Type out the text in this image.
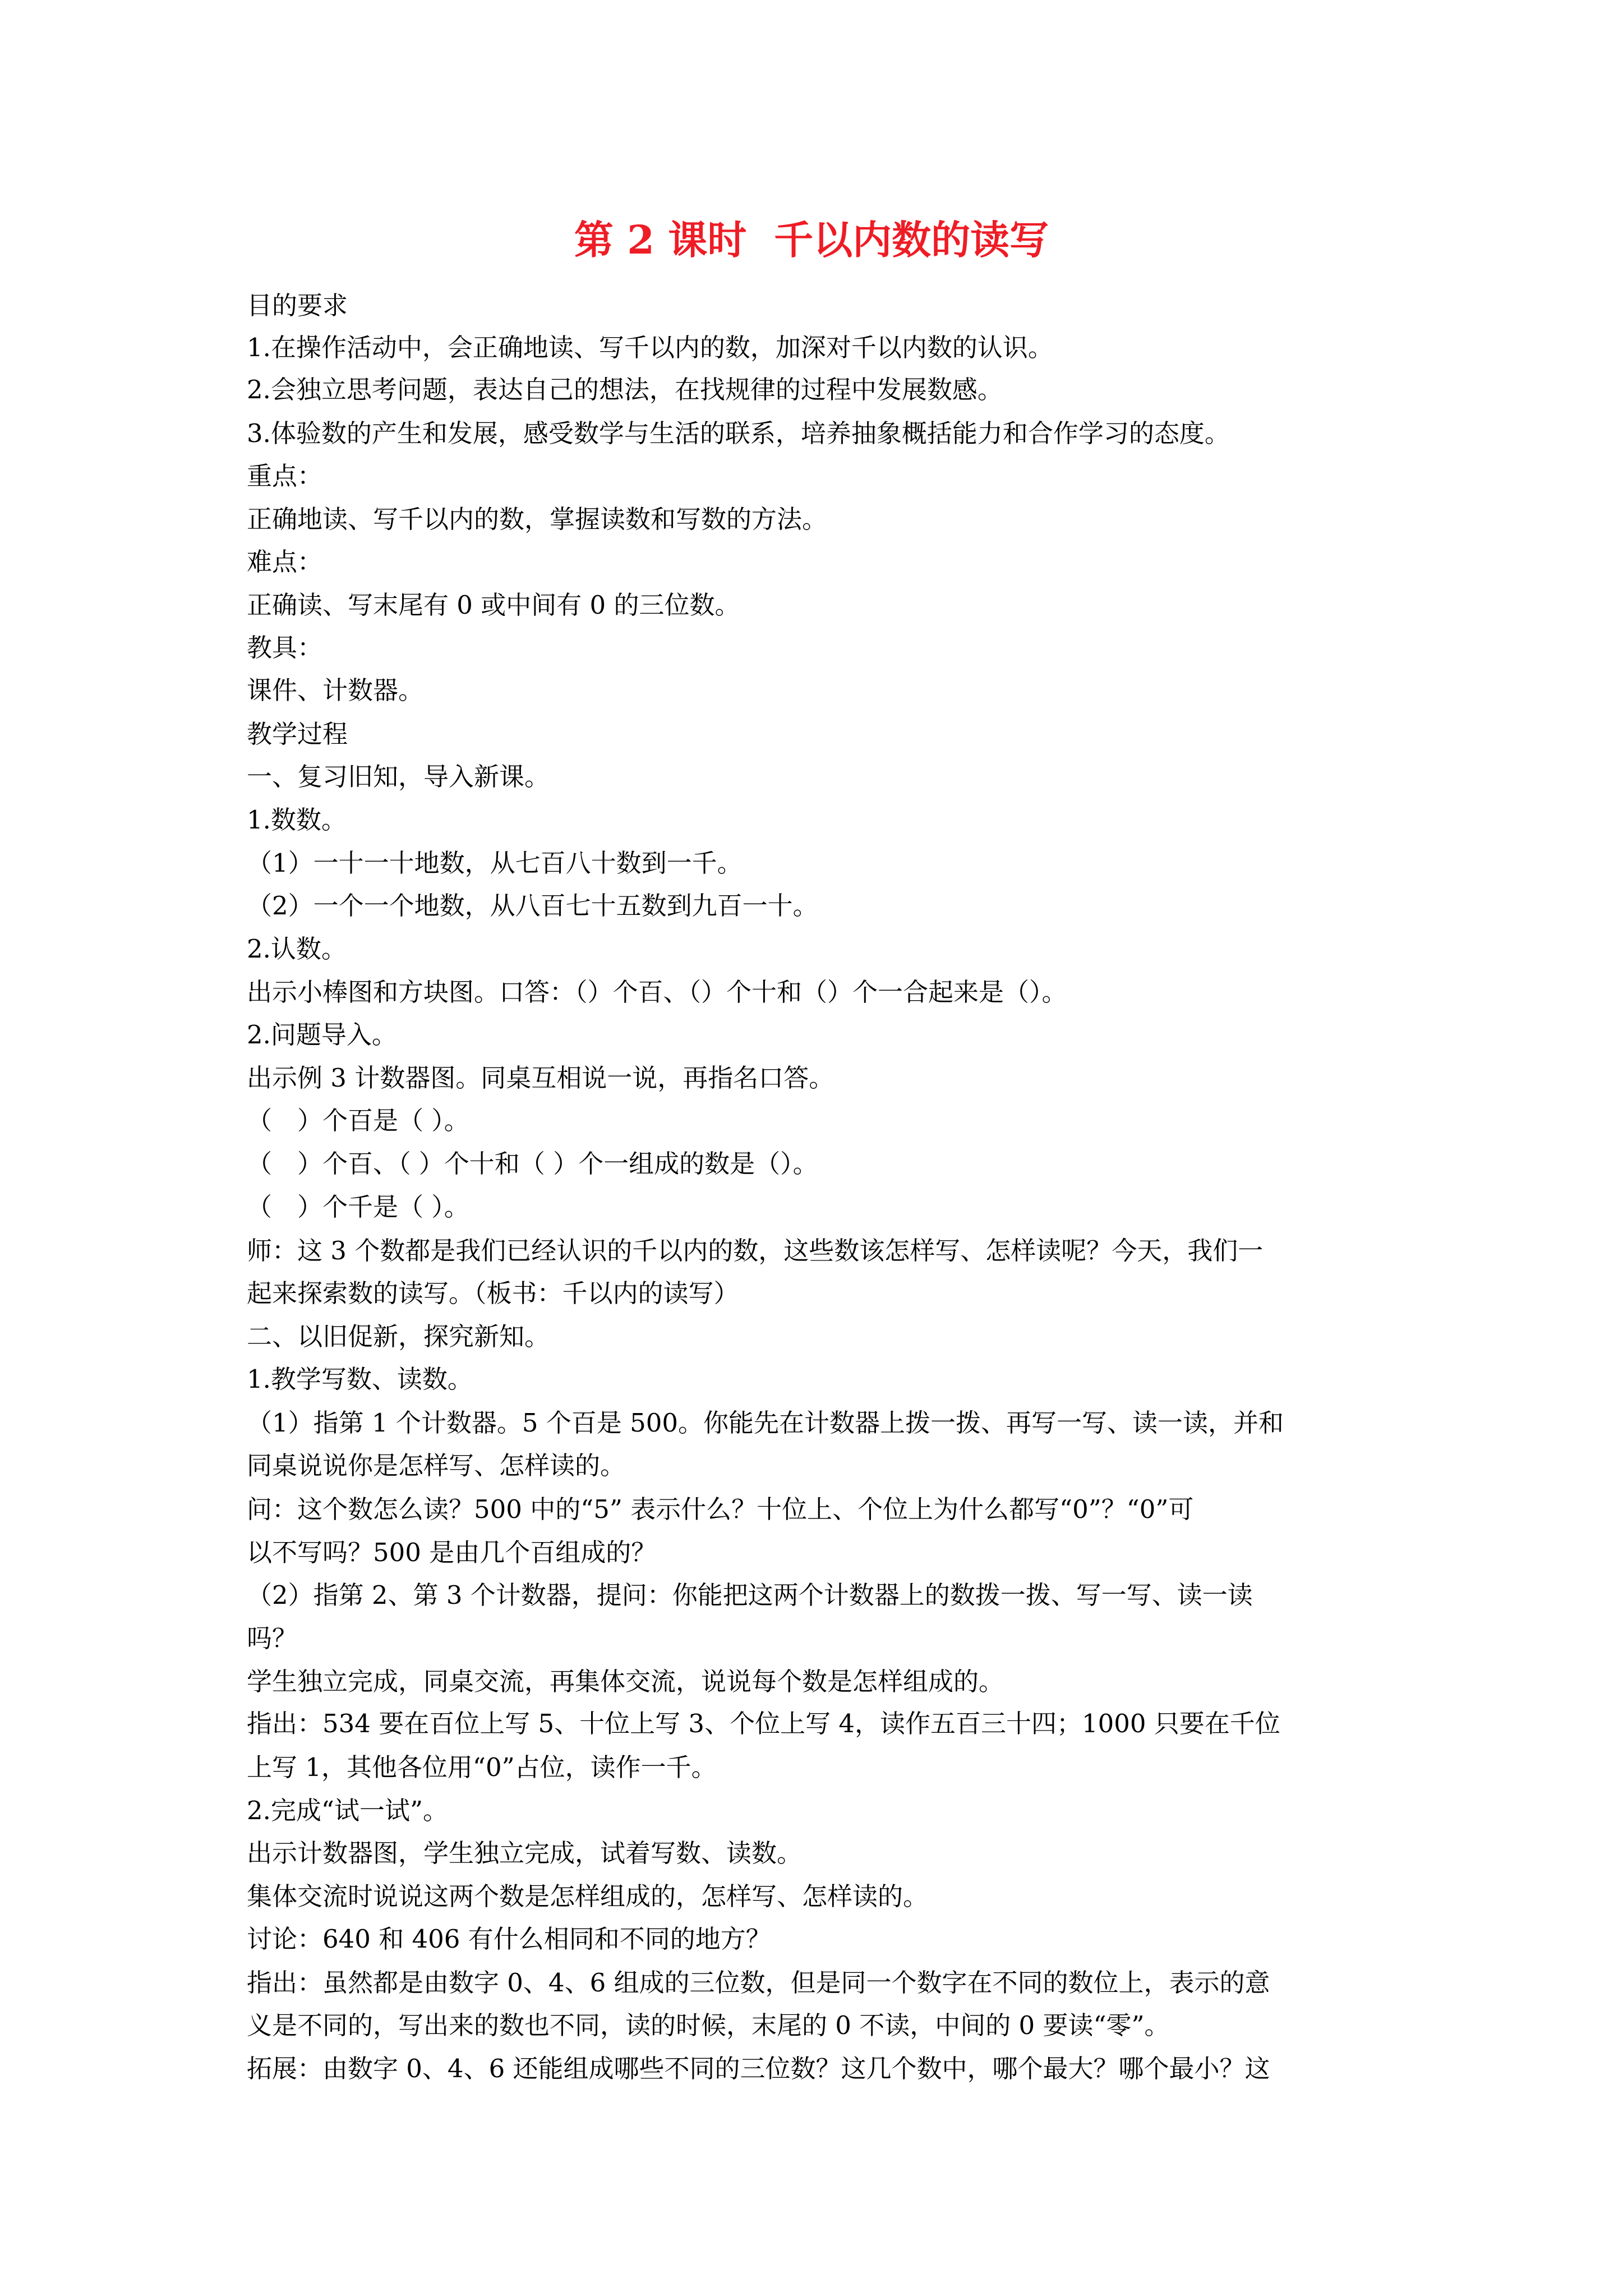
第 2 课时  千以内数的读写
目的要求
1.在操作活动中，会正确地读、写千以内的数，加深对千以内数的认识。
2.会独立思考问题，表达自己的想法，在找规律的过程中发展数感。
3.体验数的产生和发展，感受数学与生活的联系，培养抽象概括能力和合作学习的态度。
重点：
正确地读、写千以内的数，掌握读数和写数的方法。
难点：
正确读、写末尾有 0 或中间有 0 的三位数。
教具：
课件、计数器。
教学过程
一、复习旧知，导入新课。
1.数数。
（1）一十一十地数，从七百八十数到一千。
（2）一个一个地数，从八百七十五数到九百一十。
2.认数。
出示小棒图和方块图。口答：（）个百、（）个十和（）个一合起来是（）。
2.问题导入。
出示例 3 计数器图。同桌互相说一说，再指名口答。
（　）个百是（ ）。
（　）个百、（ ）个十和（ ）个一组成的数是（）。
（　）个千是（ ）。
师：这 3 个数都是我们已经认识的千以内的数，这些数该怎样写、怎样读呢？今天，我们一
起来探索数的读写。（板书：千以内的读写）
二、以旧促新，探究新知。
1.教学写数、读数。
（1）指第 1 个计数器。5 个百是 500。你能先在计数器上拨一拨、再写一写、读一读，并和
同桌说说你是怎样写、怎样读的。
问：这个数怎么读？500 中的“5” 表示什么？十位上、个位上为什么都写“0”？“0”可
以不写吗？500 是由几个百组成的？
（2）指第 2、第 3 个计数器，提问：你能把这两个计数器上的数拨一拨、写一写、读一读
吗？
学生独立完成，同桌交流，再集体交流，说说每个数是怎样组成的。
指出：534 要在百位上写 5、十位上写 3、个位上写 4，读作五百三十四；1000 只要在千位
上写 1，其他各位用“0”占位，读作一千。
2.完成“试一试”。
出示计数器图，学生独立完成，试着写数、读数。
集体交流时说说这两个数是怎样组成的，怎样写、怎样读的。
讨论：640 和 406 有什么相同和不同的地方？
指出：虽然都是由数字 0、4、6 组成的三位数，但是同一个数字在不同的数位上，表示的意
义是不同的，写出来的数也不同，读的时候，末尾的 0 不读，中间的 0 要读“零”。
拓展：由数字 0、4、6 还能组成哪些不同的三位数？这几个数中，哪个最大？哪个最小？这
